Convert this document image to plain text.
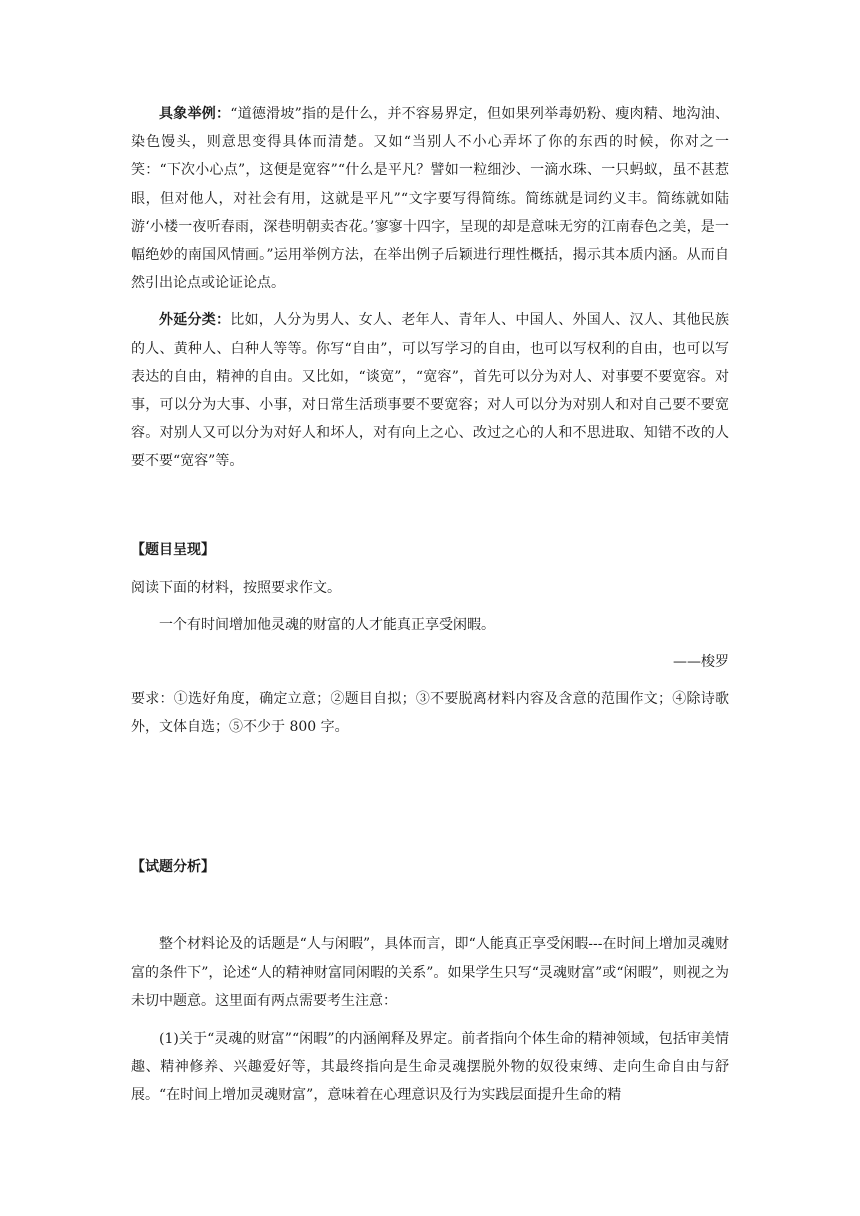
具象举例：“道德滑坡”指的是什么，并不容易界定，但如果列举毒奶粉、瘦肉精、地沟油、染色馒头，则意思变得具体而清楚。又如“当别人不小心弄坏了你的东西的时候，你对之一笑：“下次小心点”，这便是宽容”“什么是平凡？譬如一粒细沙、一滴水珠、一只蚂蚁，虽不甚惹眼，但对他人，对社会有用，这就是平凡”“文字要写得简练。简练就是词约义丰。简练就如陆游‘小楼一夜听春雨，深巷明朝卖杏花。’寥寥十四字，呈现的却是意味无穷的江南春色之美，是一幅绝妙的南国风情画。”运用举例方法，在举出例子后颖进行理性概括，揭示其本质内涵。从而自然引出论点或论证论点。

外延分类：比如，人分为男人、女人、老年人、青年人、中国人、外国人、汉人、其他民族的人、黄种人、白种人等等。你写“自由”，可以写学习的自由，也可以写权利的自由，也可以写表达的自由，精神的自由。又比如，“谈宽”，“宽容”，首先可以分为对人、对事要不要宽容。对事，可以分为大事、小事，对日常生活琐事要不要宽容；对人可以分为对别人和对自己要不要宽容。对别人又可以分为对好人和坏人，对有向上之心、改过之心的人和不思进取、知错不改的人要不要“宽容”等。

【题目呈现】

阅读下面的材料，按照要求作文。

一个有时间增加他灵魂的财富的人才能真正享受闲暇。

——梭罗

要求：①选好角度，确定立意；②题目自拟；③不要脱离材料内容及含意的范围作文；④除诗歌外，文体自选；⑤不少于 800 字。

【试题分析】

整个材料论及的话题是“人与闲暇”，具体而言，即“人能真正享受闲暇---在时间上增加灵魂财富的条件下”，论述“人的精神财富同闲暇的关系”。如果学生只写“灵魂财富”或“闲暇”，则视之为未切中题意。这里面有两点需要考生注意：

(1)关于“灵魂的财富”“闲暇”的内涵阐释及界定。前者指向个体生命的精神领域，包括审美情趣、精神修养、兴趣爱好等，其最终指向是生命灵魂摆脱外物的奴役束缚、走向生命自由与舒展。“在时间上增加灵魂财富”，意味着在心理意识及行为实践层面提升生命的精
